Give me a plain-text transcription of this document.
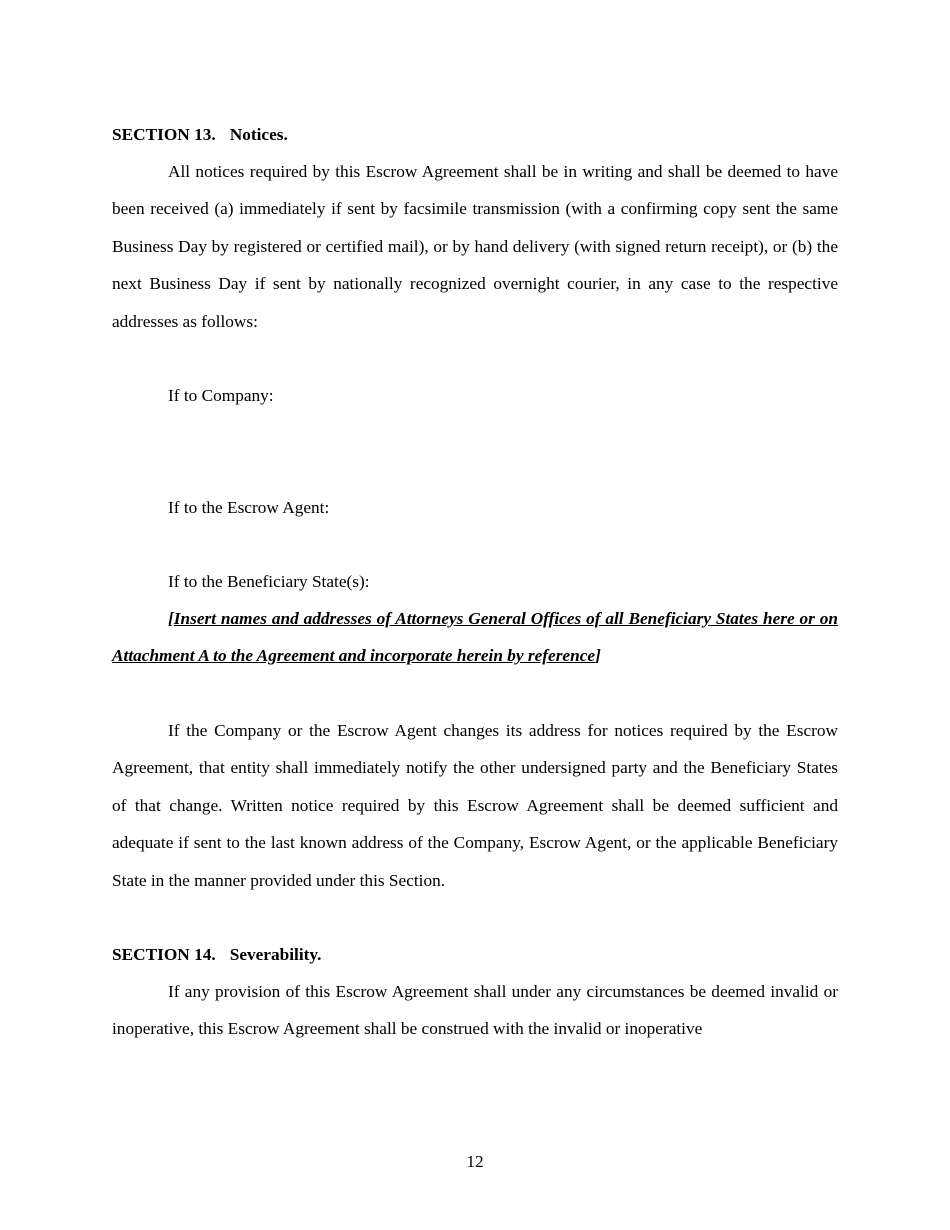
SECTION 13. Notices.

All notices required by this Escrow Agreement shall be in writing and shall be deemed to have been received (a) immediately if sent by facsimile transmission (with a confirming copy sent the same Business Day by registered or certified mail), or by hand delivery (with signed return receipt), or (b) the next Business Day if sent by nationally recognized overnight courier, in any case to the respective addresses as follows:

If to Company:

If to the Escrow Agent:

If to the Beneficiary State(s):

[Insert names and addresses of Attorneys General Offices of all Beneficiary States here or on Attachment A to the Agreement and incorporate herein by reference]

If the Company or the Escrow Agent changes its address for notices required by the Escrow Agreement, that entity shall immediately notify the other undersigned party and the Beneficiary States of that change. Written notice required by this Escrow Agreement shall be deemed sufficient and adequate if sent to the last known address of the Company, Escrow Agent, or the applicable Beneficiary State in the manner provided under this Section.

SECTION 14. Severability.

If any provision of this Escrow Agreement shall under any circumstances be deemed invalid or inoperative, this Escrow Agreement shall be construed with the invalid or inoperative

12
